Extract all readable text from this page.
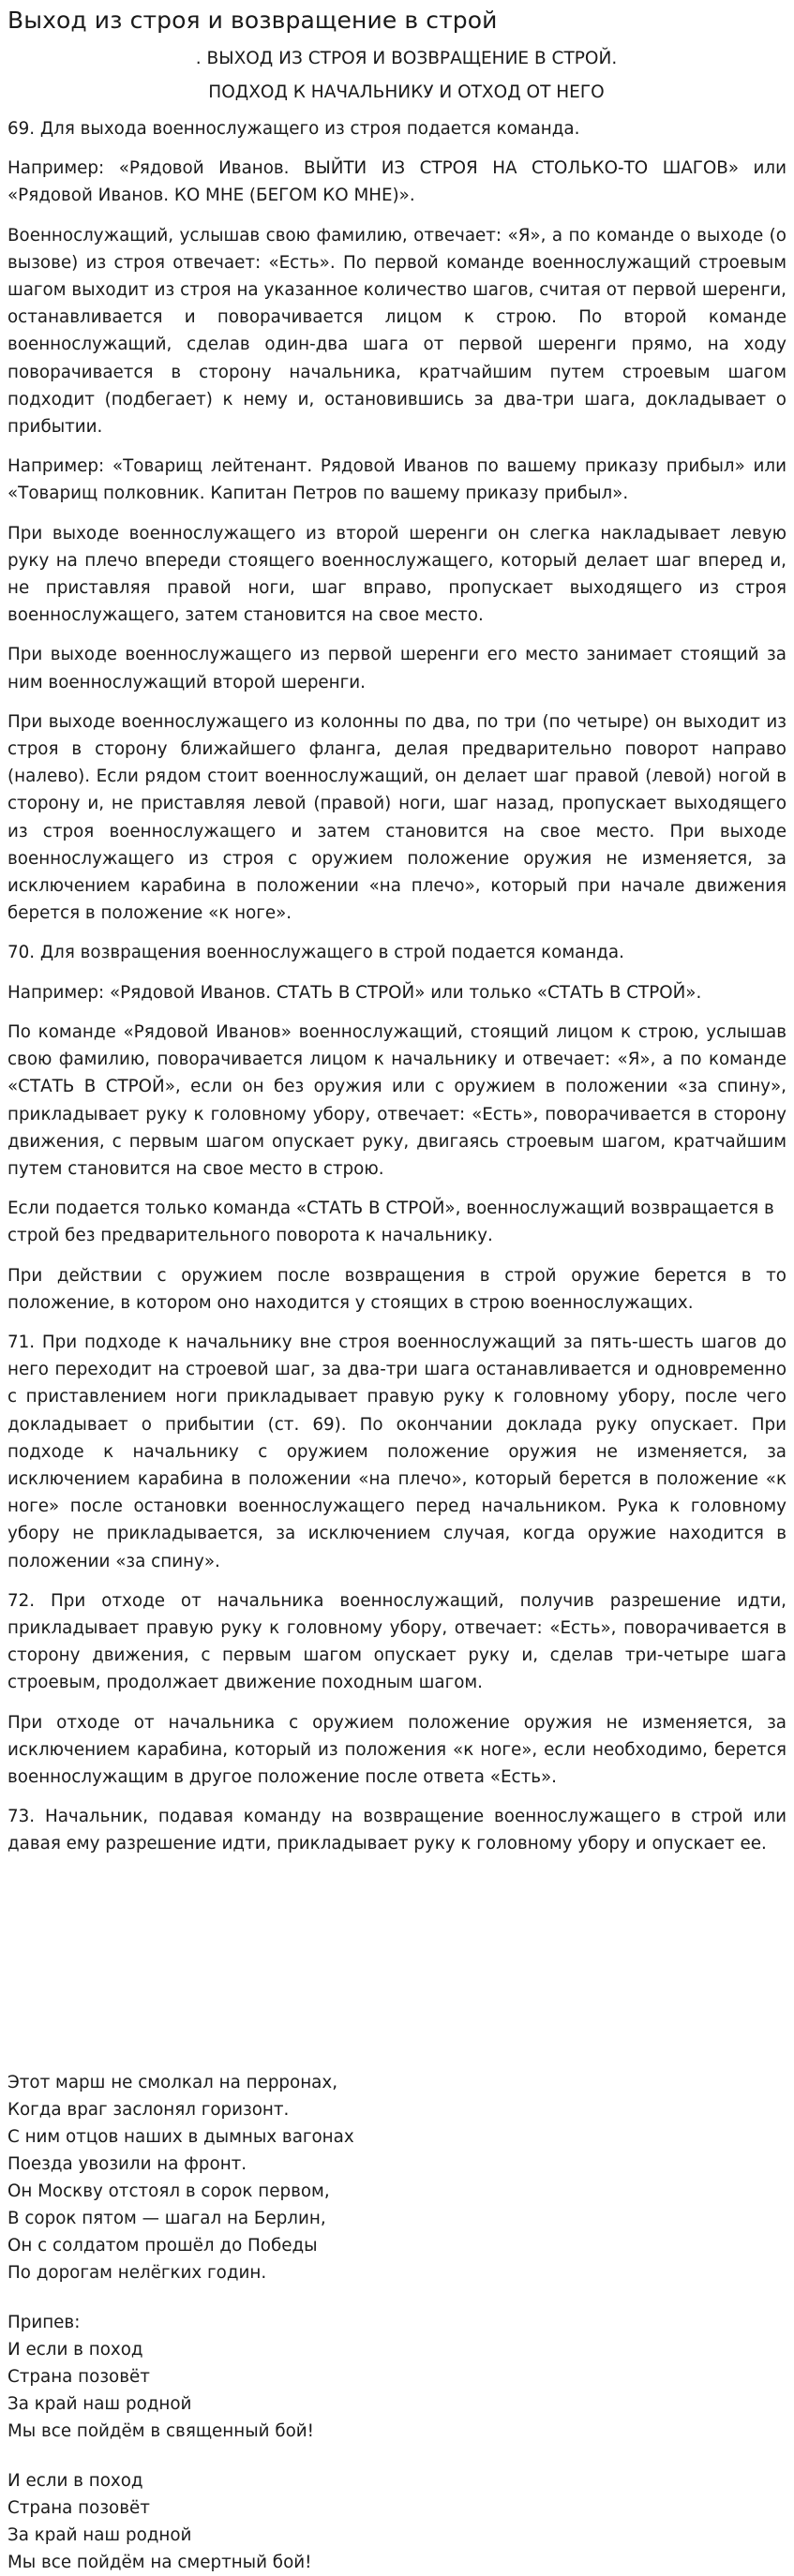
Выход из строя и возвращение в строй
. ВЫХОД ИЗ СТРОЯ И ВОЗВРАЩЕНИЕ В СТРОЙ.
ПОДХОД К НАЧАЛЬНИКУ И ОТХОД ОТ НЕГО

69. Для выхода военнослужащего из строя подается команда.

Например: «Рядовой Иванов. ВЫЙТИ ИЗ СТРОЯ НА СТОЛЬКО-ТО ШАГОВ» или «Рядовой Иванов. КО МНЕ (БЕГОМ КО МНЕ)».

Военнослужащий, услышав свою фамилию, отвечает: «Я», а по команде о выходе (о вызове) из строя отвечает: «Есть». По первой команде военнослужащий строевым шагом выходит из строя на указанное количество шагов, считая от первой шеренги, останавливается и поворачивается лицом к строю. По второй команде военнослужащий, сделав один-два шага от первой шеренги прямо, на ходу поворачивается в сторону начальника, кратчайшим путем строевым шагом подходит (подбегает) к нему и, остановившись за два-три шага, докладывает о прибытии.

Например: «Товарищ лейтенант. Рядовой Иванов по вашему приказу прибыл» или «Товарищ полковник. Капитан Петров по вашему приказу прибыл».

При выходе военнослужащего из второй шеренги он слегка накладывает левую руку на плечо впереди стоящего военнослужащего, который делает шаг вперед и, не приставляя правой ноги, шаг вправо, пропускает выходящего из строя военнослужащего, затем становится на свое место.

При выходе военнослужащего из первой шеренги его место занимает стоящий за ним военнослужащий второй шеренги.

При выходе военнослужащего из колонны по два, по три (по четыре) он выходит из строя в сторону ближайшего фланга, делая предварительно поворот направо (налево). Если рядом стоит военнослужащий, он делает шаг правой (левой) ногой в сторону и, не приставляя левой (правой) ноги, шаг назад, пропускает выходящего из строя военнослужащего и затем становится на свое место. При выходе военнослужащего из строя с оружием положение оружия не изменяется, за исключением карабина в положении «на плечо», который при начале движения берется в положение «к ноге».

70. Для возвращения военнослужащего в строй подается команда.

Например: «Рядовой Иванов. СТАТЬ В СТРОЙ» или только «СТАТЬ В СТРОЙ».

По команде «Рядовой Иванов» военнослужащий, стоящий лицом к строю, услышав свою фамилию, поворачивается лицом к начальнику и отвечает: «Я», а по команде «СТАТЬ В СТРОЙ», если он без оружия или с оружием в положении «за спину», прикладывает руку к головному убору, отвечает: «Есть», поворачивается в сторону движения, с первым шагом опускает руку, двигаясь строевым шагом, кратчайшим путем становится на свое место в строю.

Если подается только команда «СТАТЬ В СТРОЙ», военнослужащий возвращается в строй без предварительного поворота к начальнику.

При действии с оружием после возвращения в строй оружие берется в то положение, в котором оно находится у стоящих в строю военнослужащих.

71. При подходе к начальнику вне строя военнослужащий за пять-шесть шагов до него переходит на строевой шаг, за два-три шага останавливается и одновременно с приставлением ноги прикладывает правую руку к головному убору, после чего докладывает о прибытии (ст. 69). По окончании доклада руку опускает. При подходе к начальнику с оружием положение оружия не изменяется, за исключением карабина в положении «на плечо», который берется в положение «к ноге» после остановки военнослужащего перед начальником. Рука к головному убору не прикладывается, за исключением случая, когда оружие находится в положении «за спину».

72. При отходе от начальника военнослужащий, получив разрешение идти, прикладывает правую руку к головному убору, отвечает: «Есть», поворачивается в сторону движения, с первым шагом опускает руку и, сделав три-четыре шага строевым, продолжает движение походным шагом.

При отходе от начальника с оружием положение оружия не изменяется, за исключением карабина, который из положения «к ноге», если необходимо, берется военнослужащим в другое положение после ответа «Есть».

73. Начальник, подавая команду на возвращение военнослужащего в строй или давая ему разрешение идти, прикладывает руку к головному убору и опускает ее.

Этот марш не смолкал на перронах,
Когда враг заслонял горизонт.
С ним отцов наших в дымных вагонах
Поезда увозили на фронт.
Он Москву отстоял в сорок первом,
В сорок пятом — шагал на Берлин,
Он с солдатом прошёл до Победы
По дорогам нелёгких годин.
Припев:
И если в поход
Страна позовёт
За край наш родной
Мы все пойдём в священный бой!
И если в поход
Страна позовёт
За край наш родной
Мы все пойдём на смертный бой!
